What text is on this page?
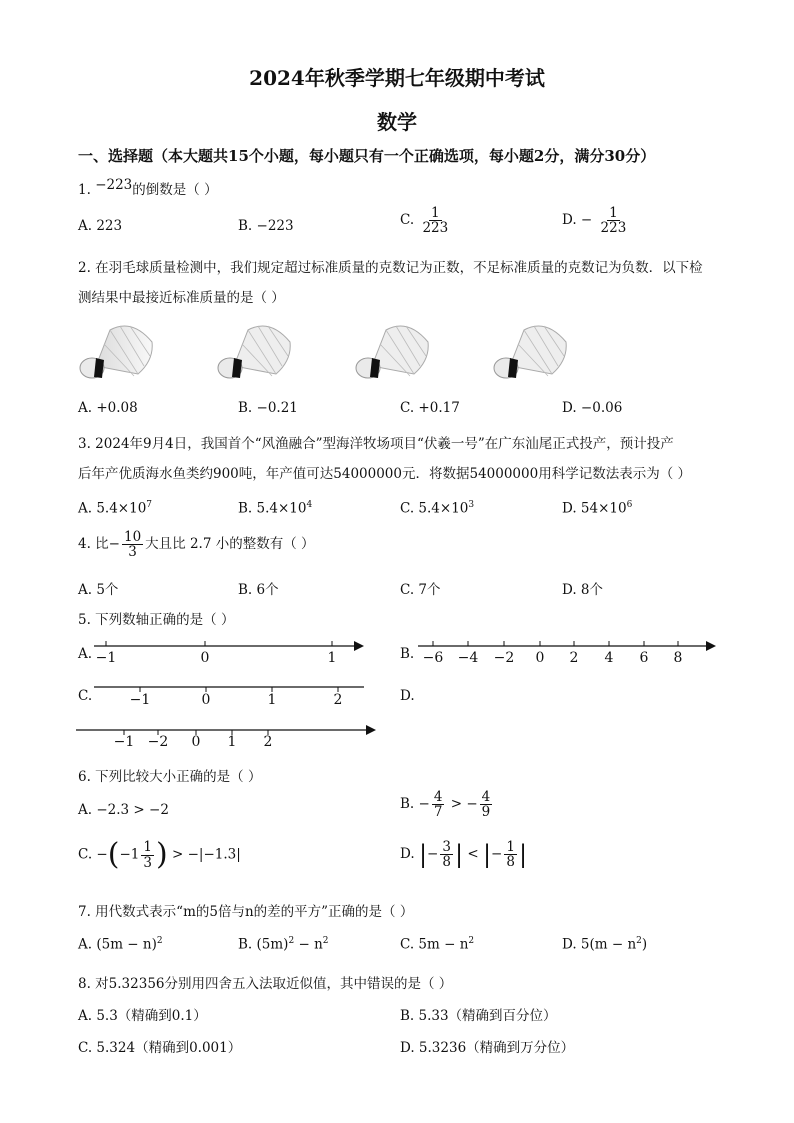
2024年秋季学期七年级期中考试
数学
一、选择题（本大题共15个小题，每小题只有一个正确选项，每小题2分，满分30分）
1. −223的倒数是（ ）
A. 223	B. −223	C. $\frac{1}{223}$	D. − $\frac{1}{223}$
2. 在羽毛球质量检测中，我们规定超过标准质量的克数记为正数，不足标准质量的克数记为负数．以下检
测结果中最接近标准质量的是（ ）
A. +0.08	B. −0.21	C. +0.17	D. −0.06
3. 2024年9月4日，我国首个“风渔融合”型海洋牧场项目“伏羲一号”在广东汕尾正式投产，预计投产
后年产优质海水鱼类约900吨，年产值可达54000000元．将数据54000000用科学记数法表示为（ ）
A. $5.4\times 10^7$	B. $5.4\times 10^4$	C. $5.4\times 10^3$	D. $54\times 10^6$
4. 比− $\frac{10}{3}$ 大且比 2.7 小的整数有（ ）
A. 5个	B. 6个	C. 7个	D. 8个
5. 下列数轴正确的是（ ）
A. −1	0	1	B. −6 −4 −2 0 2 4 6 8
C.	−1	0	1	2	D.
−1 −2 0 1 2
6. 下列比较大小正确的是（ ）
A. −2.3 > −2	B. − $\frac{4}{7}$ > − $\frac{4}{9}$
C. $-(-1 \frac{1}{3}$ ) > −|−1.3|	D. |− $\frac{3}{8}$ | < |− $\frac{1}{8}$ |
7. 用代数式表示“m的5倍与n的差的平方”正确的是（ ）
A. $(5m - n)^2$	B. $(5m)^2 - n^2$	C. $5m - n^2$	D. $5(m - n^2)$
8. 对5.32356分别用四舍五入法取近似值，其中错误的是（ ）
A. 5.3（精确到0.1）	B. 5.33（精确到百分位）
C. 5.324（精确到0.001）	D. 5.3236（精确到万分位）
